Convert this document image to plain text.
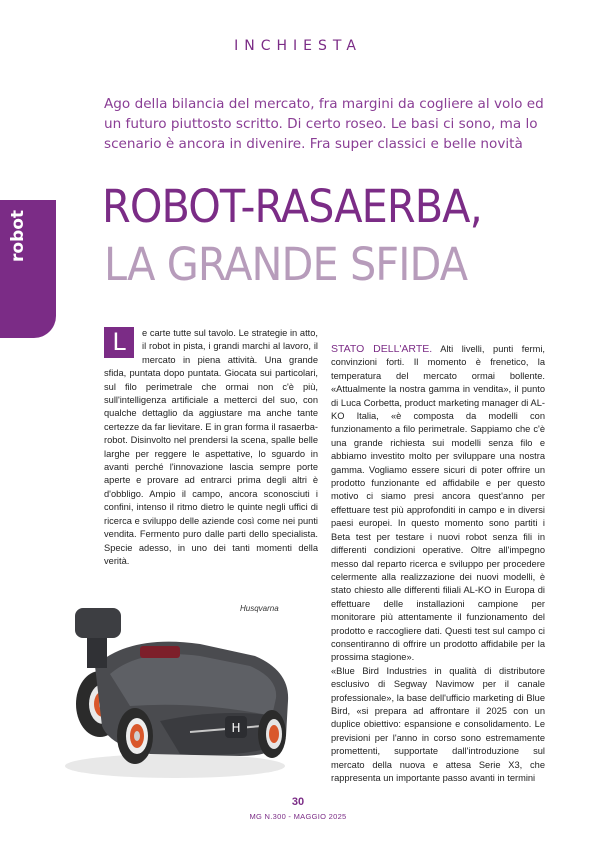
robot
INCHIESTA
Ago della bilancia del mercato, fra margini da cogliere al volo ed un futuro piuttosto scritto. Di certo roseo. Le basi ci sono, ma lo scenario è ancora in divenire. Fra super classici e belle novità
ROBOT-RASAERBA,
LA GRANDE SFIDA
L	e carte tutte sul tavolo. Le strategie in atto, il robot in pista, i grandi marchi al lavoro, il mercato in piena attività. Una grande sfida, puntata dopo puntata. Giocata sui particolari, sul filo perimetrale che ormai non c'è più, sull'intelligenza artificiale a metterci del suo, con qualche dettaglio da aggiustare ma anche tante certezze da far lievitare. E in gran forma il rasaerba-robot. Disinvolto nel prendersi la scena, spalle belle larghe per reggere le aspettative, lo sguardo in avanti perché l'innovazione lascia sempre porte aperte e provare ad entrarci prima degli altri è d'obbligo. Ampio il campo, ancora sconosciuti i confini, intenso il ritmo dietro le quinte negli uffici di ricerca e sviluppo delle aziende così come nei punti vendita. Fermento puro dalle parti dello specialista. Specie adesso, in uno dei tanti momenti della verità.

STATO DELL'ARTE. Alti livelli, punti fermi, convinzioni forti. Il momento è frenetico, la temperatura del mercato ormai bollente. «Attualmente la nostra gamma in vendita», il punto di Luca Corbetta, product marketing manager di AL-KO Italia, «è composta da modelli con funzionamento a filo perimetrale. Sappiamo che c'è una grande richiesta sui modelli senza filo e abbiamo investito molto per sviluppare una nostra gamma. Vogliamo essere sicuri di poter offrire un prodotto funzionante ed affidabile e per questo motivo ci siamo presi ancora quest'anno per effettuare test più approfonditi in campo e in diversi paesi europei. In questo momento sono partiti i Beta test per testare i nuovi robot senza fili in differenti condizioni operative. Oltre all'impegno messo dal reparto ricerca e sviluppo per procedere celermente alla realizzazione dei nuovi modelli, è stato chiesto alle differenti filiali AL-KO in Europa di effettuare delle installazioni campione per monitorare più attentamente il funzionamento del prodotto e raccogliere dati. Questi test sul campo ci consentiranno di offrire un prodotto affidabile per la prossima stagione».

«Blue Bird Industries in qualità di distributore esclusivo di Segway Navimow per il canale professionale», la base dell'ufficio marketing di Blue Bird, «si prepara ad affrontare il 2025 con un duplice obiettivo: espansione e consolidamento. Le previsioni per l'anno in corso sono estremamente promettenti, supportate dall'introduzione sul mercato della nuova e attesa Serie X3, che rappresenta un importante passo avanti in termini

H
Husqvarna
30
MG N.300 - MAGGIO 2025
